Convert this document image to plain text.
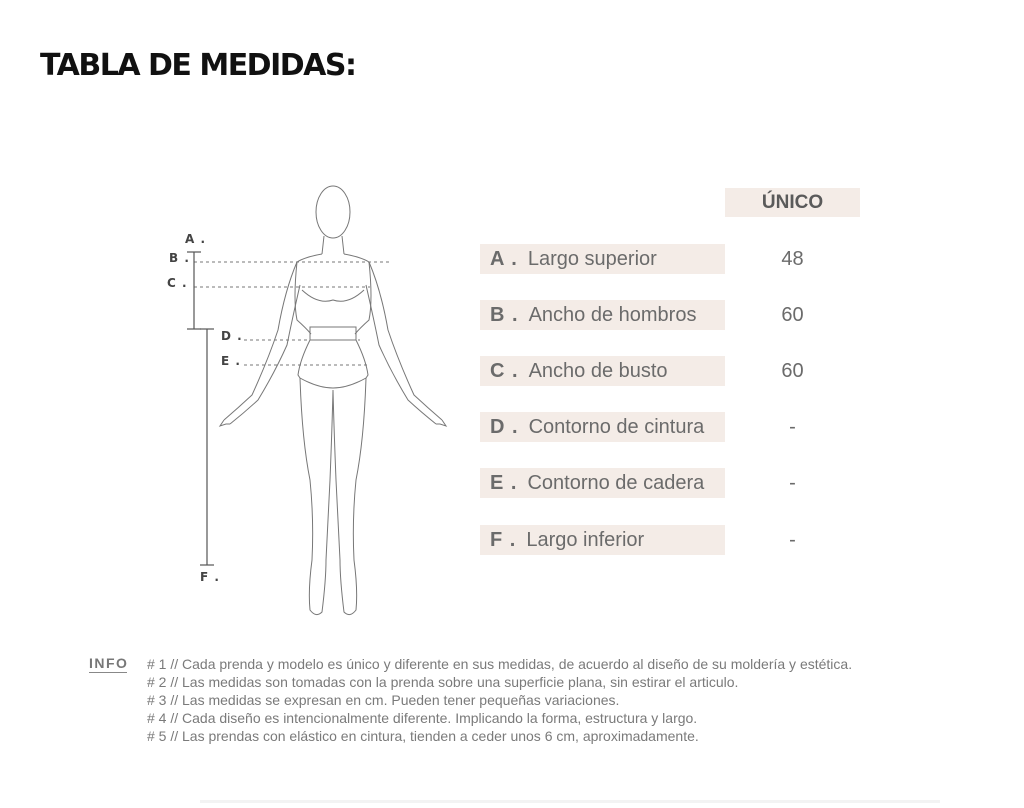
TABLA DE MEDIDAS:
A .
B .
C .
D .
E .
F .
ÚNICO
A . Largo superior	48
B . Ancho de hombros	60
C . Ancho de busto	60
D . Contorno de cintura	-
E . Contorno de cadera	-
F . Largo inferior	-
INFO # 1 // Cada prenda y modelo es único y diferente en sus medidas, de acuerdo al diseño de su moldería y estética.
# 2 // Las medidas son tomadas con la prenda sobre una superficie plana, sin estirar el articulo.
# 3 // Las medidas se expresan en cm. Pueden tener pequeñas variaciones.
# 4 // Cada diseño es intencionalmente diferente. Implicando la forma, estructura y largo.
# 5 // Las prendas con elástico en cintura, tienden a ceder unos 6 cm, aproximadamente.
